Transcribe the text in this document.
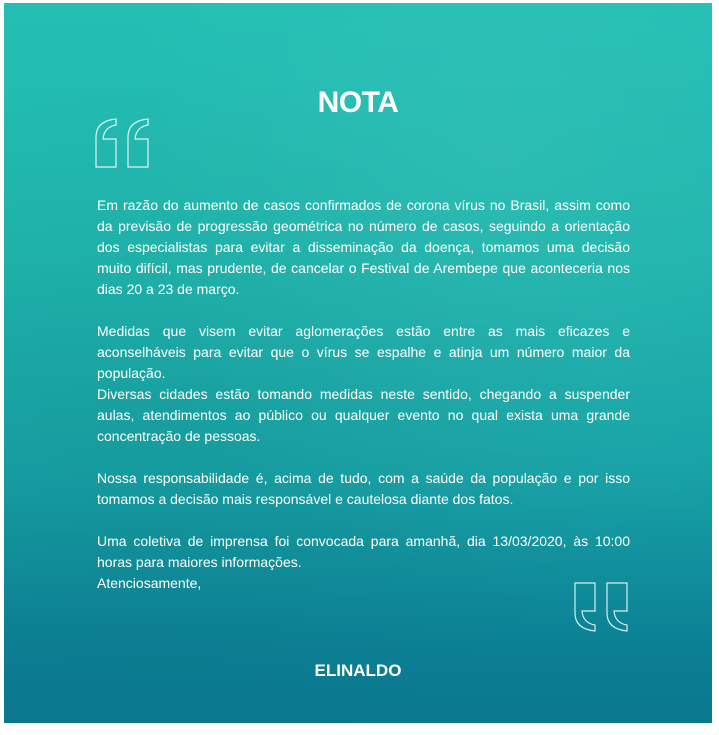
NOTA

Em razão do aumento de casos confirmados de corona vírus no Brasil, assim como da previsão de progressão geométrica no número de casos, seguindo a orientação dos especialistas para evitar a disseminação da doença, tomamos uma decisão muito difícil, mas prudente, de cancelar o Festival de Arembepe que aconteceria nos dias 20 a 23 de março.

Medidas que visem evitar aglomerações estão entre as mais eficazes e aconselháveis para evitar que o vírus se espalhe e atinja um número maior da população.

Diversas cidades estão tomando medidas neste sentido, chegando a suspender aulas, atendimentos ao público ou qualquer evento no qual exista uma grande concentração de pessoas.

Nossa responsabilidade é, acima de tudo, com a saúde da população e por isso tomamos a decisão mais responsável e cautelosa diante dos fatos.

Uma coletiva de imprensa foi convocada para amanhã, dia 13/03/2020, às 10:00 horas para maiores informações.

Atenciosamente,

ELINALDO
